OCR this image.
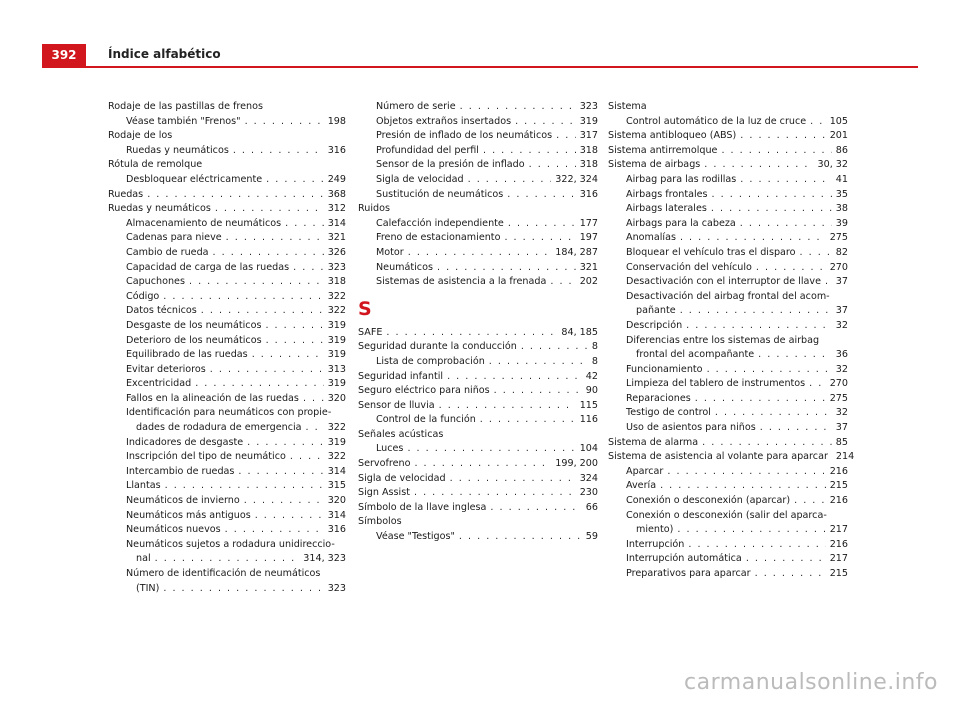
392	Índice alfabético
Rodaje de las pastillas de frenos
Véase también "Frenos" . . .	198
Rodaje de los
Ruedas y neumáticos . . .	316
Rótula de remolque
Desbloquear eléctricamente . . .	249
Ruedas . . .	368
Ruedas y neumáticos . . .	312
Almacenamiento de neumáticos . . .	314
Cadenas para nieve . . .	321
Cambio de rueda . . .	326
Capacidad de carga de las ruedas . . .	323
Capuchones . . .	318
Código . . .	322
Datos técnicos . . .	322
Desgaste de los neumáticos . . .	319
Deterioro de los neumáticos . . .	319
Equilibrado de las ruedas . . .	319
Evitar deterioros . . .	313
Excentricidad . . .	319
Fallos en la alineación de las ruedas . . .	320
Identificación para neumáticos con propie-
dades de rodadura de emergencia . . .	322
Indicadores de desgaste . . .	319
Inscripción del tipo de neumático . . .	322
Intercambio de ruedas . . .	314
Llantas . . .	315
Neumáticos de invierno . . .	320
Neumáticos más antiguos . . .	314
Neumáticos nuevos . . .	316
Neumáticos sujetos a rodadura unidireccio-
nal . . .	314, 323
Número de identificación de neumáticos
(TIN) . . .	323
Número de serie . . .	323
Objetos extraños insertados . . .	319
Presión de inflado de los neumáticos . . .	317
Profundidad del perfil . . .	318
Sensor de la presión de inflado . . .	318
Sigla de velocidad . . .	322, 324
Sustitución de neumáticos . . .	316
Ruidos
Calefacción independiente . . .	177
Freno de estacionamiento . . .	197
Motor . . .	184, 287
Neumáticos . . .	321
Sistemas de asistencia a la frenada . . .	202
S
SAFE . . .	84, 185
Seguridad durante la conducción . . .	8
Lista de comprobación . . .	8
Seguridad infantil . . .	42
Seguro eléctrico para niños . . .	90
Sensor de lluvia . . .	115
Control de la función . . .	116
Señales acústicas
Luces . . .	104
Servofreno . . .	199, 200
Sigla de velocidad . . .	324
Sign Assist . . .	230
Símbolo de la llave inglesa . . .	66
Símbolos
Véase "Testigos" . . .	59
Sistema
Control automático de la luz de cruce . . . 105
Sistema antibloqueo (ABS) . . .	201
Sistema antirremolque . . .	86
Sistema de airbags . . .	30, 32
Airbag para las rodillas . . .	41
Airbags frontales . . .	35
Airbags laterales . . .	38
Airbags para la cabeza . . .	39
Anomalías . . .	275
Bloquear el vehículo tras el disparo . . .	82
Conservación del vehículo . . .	270
Desactivación con el interruptor de llave . . . 37
Desactivación del airbag frontal del acom-
pañante . . .	37
Descripción . . .	32
Diferencias entre los sistemas de airbag
frontal del acompañante . . .	36
Funcionamiento . . .	32
Limpieza del tablero de instrumentos . . .	270
Reparaciones . . .	275
Testigo de control . . .	32
Uso de asientos para niños . . .	37
Sistema de alarma . . .	85
Sistema de asistencia al volante para aparcar 214
Aparcar . . .	216
Avería . . .	215
Conexión o desconexión (aparcar) . . .	216
Conexión o desconexión (salir del aparca-
miento) . . .	217
Interrupción . . .	216
Interrupción automática . . .	217
Preparativos para aparcar . . .	215
carmanualsonline.info
